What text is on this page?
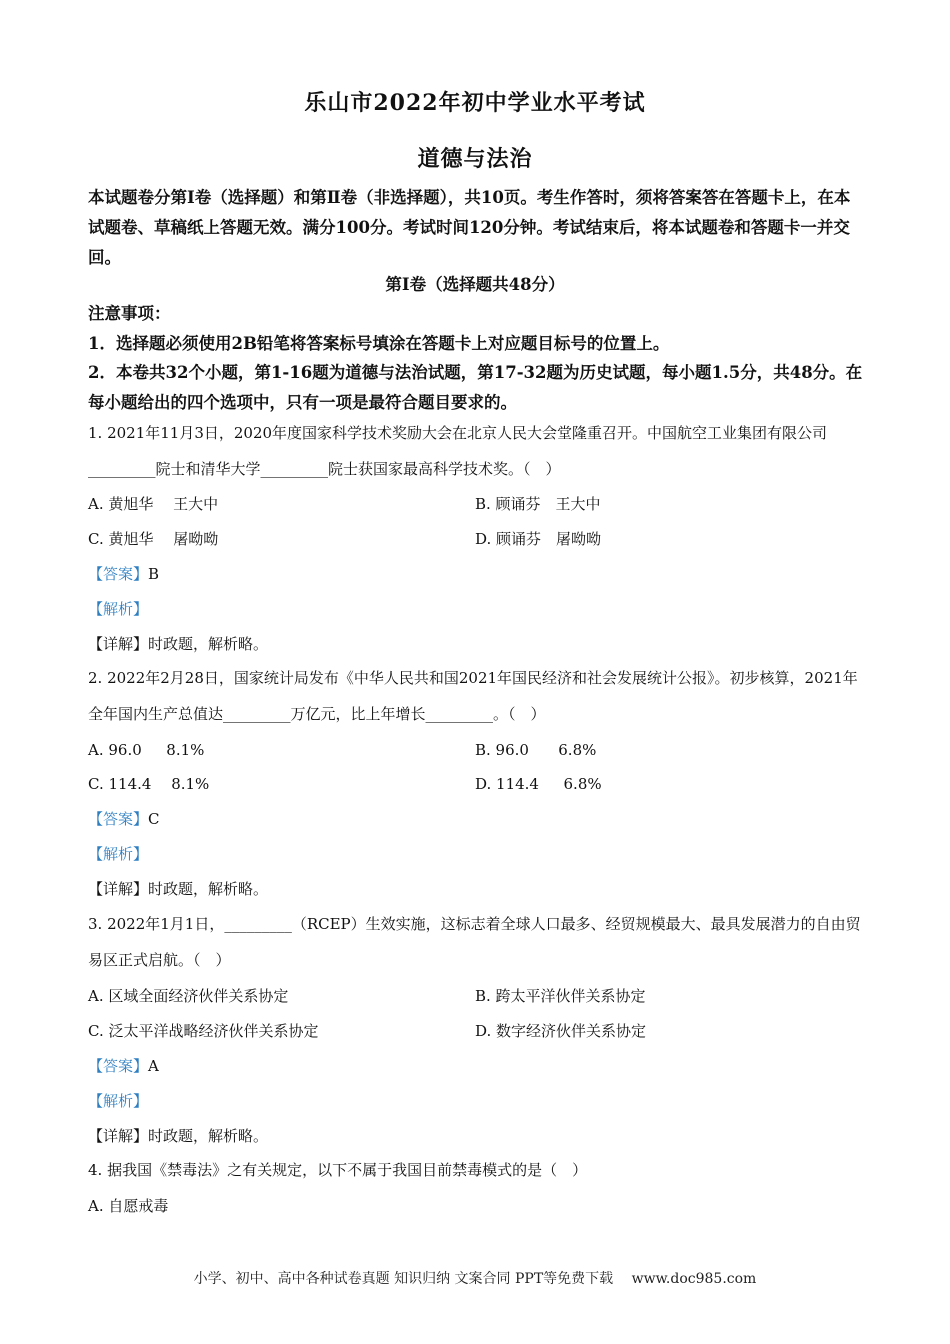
乐山市2022年初中学业水平考试
道德与法治
本试题卷分第Ⅰ卷（选择题）和第Ⅱ卷（非选择题），共10页。考生作答时，须将答案答在答题卡上，在本试题卷、草稿纸上答题无效。满分100分。考试时间120分钟。考试结束后，将本试题卷和答题卡一并交回。
第Ⅰ卷（选择题共48分）
注意事项：
1．选择题必须使用2B铅笔将答案标号填涂在答题卡上对应题目标号的位置上。
2．本卷共32个小题，第1-16题为道德与法治试题，第17-32题为历史试题，每小题1.5分，共48分。在每小题给出的四个选项中，只有一项是最符合题目要求的。
1. 2021年11月3日，2020年度国家科学技术奖励大会在北京人民大会堂隆重召开。中国航空工业集团有限公司_________院士和清华大学_________院士获国家最高科学技术奖。（　）
A. 黄旭华　 王大中	B. 顾诵芬　王大中
C. 黄旭华　 屠呦呦	D. 顾诵芬　屠呦呦
【答案】B
【解析】
【详解】时政题，解析略。
2. 2022年2月28日，国家统计局发布《中华人民共和国2021年国民经济和社会发展统计公报》。初步核算，2021年全年国内生产总值达_________万亿元，比上年增长_________。（　）
A. 96.0　  8.1%	B. 96.0　   6.8%
C. 114.4　 8.1%	D. 114.4　  6.8%
【答案】C
【解析】
【详解】时政题，解析略。
3. 2022年1月1日，_________（RCEP）生效实施，这标志着全球人口最多、经贸规模最大、最具发展潜力的自由贸易区正式启航。（　）
A. 区域全面经济伙伴关系协定	B. 跨太平洋伙伴关系协定
C. 泛太平洋战略经济伙伴关系协定	D. 数字经济伙伴关系协定
【答案】A
【解析】
【详解】时政题，解析略。
4. 据我国《禁毒法》之有关规定，以下不属于我国目前禁毒模式的是（　）
A. 自愿戒毒
小学、初中、高中各种试卷真题 知识归纳 文案合同 PPT等免费下载　 www.doc985.com
